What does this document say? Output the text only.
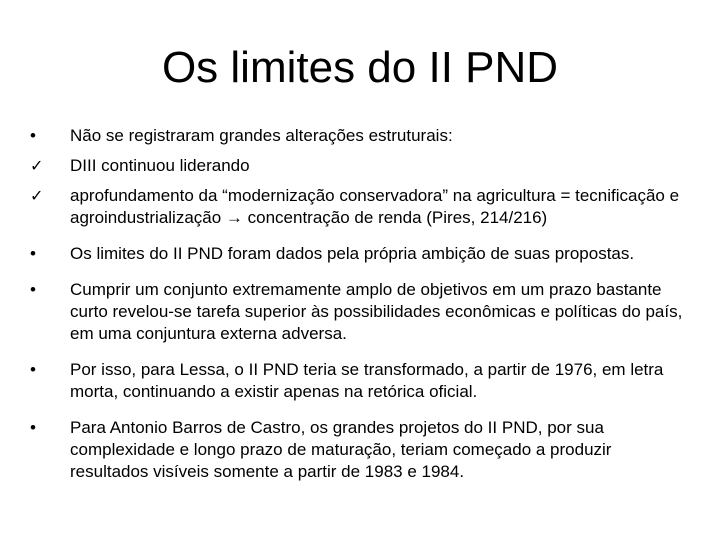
Os limites do II PND
•	Não se registraram grandes alterações estruturais:
✓	DIII continuou liderando
✓	aprofundamento da “modernização conservadora” na agricultura = tecnificação e agroindustrialização → concentração de renda (Pires, 214/216)
•	Os limites do II PND foram dados pela própria ambição de suas propostas.
•	Cumprir um conjunto extremamente amplo de objetivos em um prazo bastante curto revelou-se tarefa superior às possibilidades econômicas e políticas do país, em uma conjuntura externa adversa.
•	Por isso, para Lessa, o II PND teria se transformado, a partir de 1976, em letra morta, continuando a existir apenas na retórica oficial.
•	Para Antonio Barros de Castro, os grandes projetos do II PND, por sua complexidade e longo prazo de maturação, teriam começado a produzir resultados visíveis somente a partir de 1983 e 1984.
